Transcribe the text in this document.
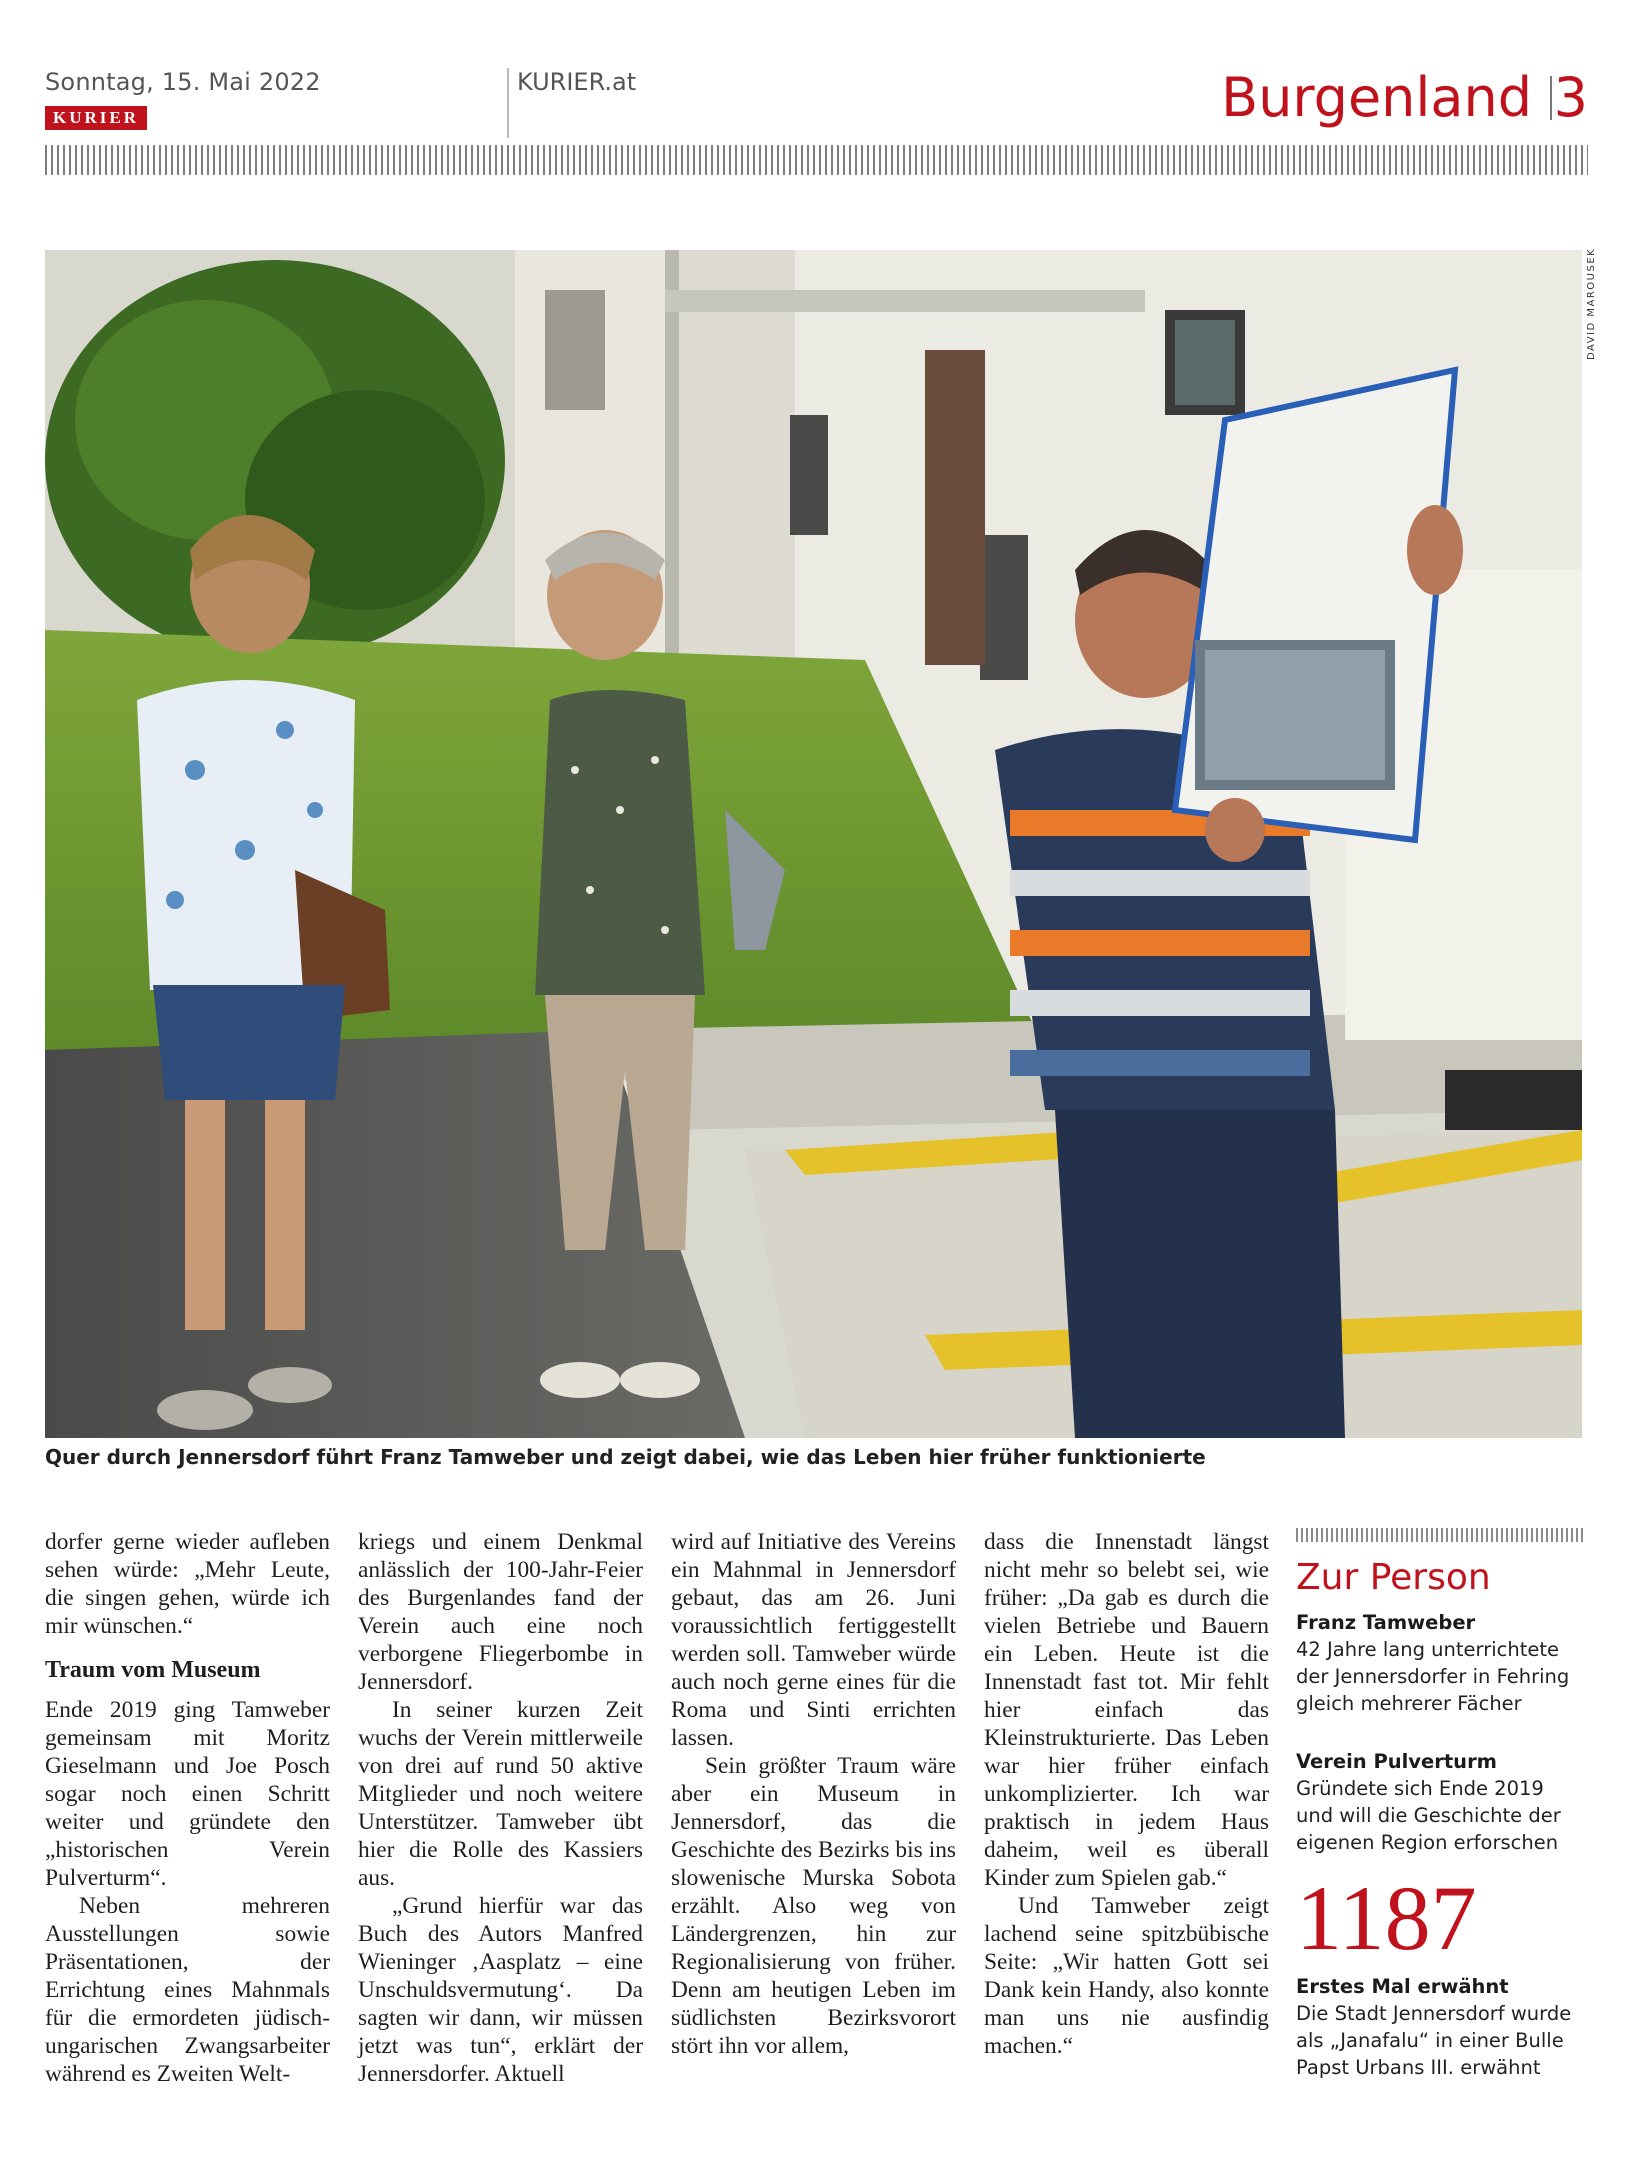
Sonntag, 15. Mai 2022
KURIER
KURIER.at	Burgenland 3
DAVID MAROUSEK
Quer durch Jennersdorf führt Franz Tamweber und zeigt dabei, wie das Leben hier früher funktionierte

dorfer gerne wieder aufleben sehen würde: „Mehr Leute, die singen gehen, würde ich mir wünschen.“

Traum vom Museum

Ende 2019 ging Tamweber gemeinsam mit Moritz Gieselmann und Joe Posch sogar noch einen Schritt weiter und gründete den „historischen Verein Pulverturm“.

Neben mehreren Ausstellungen sowie Präsentationen, der Errichtung eines Mahnmals für die ermordeten jüdisch-ungarischen Zwangsarbeiter während es Zweiten Welt-

kriegs und einem Denkmal anlässlich der 100-Jahr-Feier des Burgenlandes fand der Verein auch eine noch verborgene Fliegerbombe in Jennersdorf.

In seiner kurzen Zeit wuchs der Verein mittlerweile von drei auf rund 50 aktive Mitglieder und noch weitere Unterstützer. Tamweber übt hier die Rolle des Kassiers aus.

„Grund hierfür war das Buch des Autors Manfred Wieninger ‚Aasplatz – eine Unschuldsvermutung‘. Da sagten wir dann, wir müssen jetzt was tun“, erklärt der Jennersdorfer. Aktuell

wird auf Initiative des Vereins ein Mahnmal in Jennersdorf gebaut, das am 26. Juni voraussichtlich fertiggestellt werden soll. Tamweber würde auch noch gerne eines für die Roma und Sinti errichten lassen.

Sein größter Traum wäre aber ein Museum in Jennersdorf, das die Geschichte des Bezirks bis ins slowenische Murska Sobota erzählt. Also weg von Ländergrenzen, hin zur Regionalisierung von früher. Denn am heutigen Leben im südlichsten Bezirksvorort stört ihn vor allem,

dass die Innenstadt längst nicht mehr so belebt sei, wie früher: „Da gab es durch die vielen Betriebe und Bauern ein Leben. Heute ist die Innenstadt fast tot. Mir fehlt hier einfach das Kleinstrukturierte. Das Leben war hier früher einfach unkomplizierter. Ich war praktisch in jedem Haus daheim, weil es überall Kinder zum Spielen gab.“

Und Tamweber zeigt lachend seine spitzbübische Seite: „Wir hatten Gott sei Dank kein Handy, also konnte man uns nie ausfindig machen.“

Zur Person
Franz Tamweber
42 Jahre lang unterrichtete der Jennersdorfer in Fehring gleich mehrerer Fächer
Verein Pulverturm
Gründete sich Ende 2019 und will die Geschichte der eigenen Region erforschen
1187
Erstes Mal erwähnt
Die Stadt Jennersdorf wurde als „Janafalu“ in einer Bulle Papst Urbans III. erwähnt
